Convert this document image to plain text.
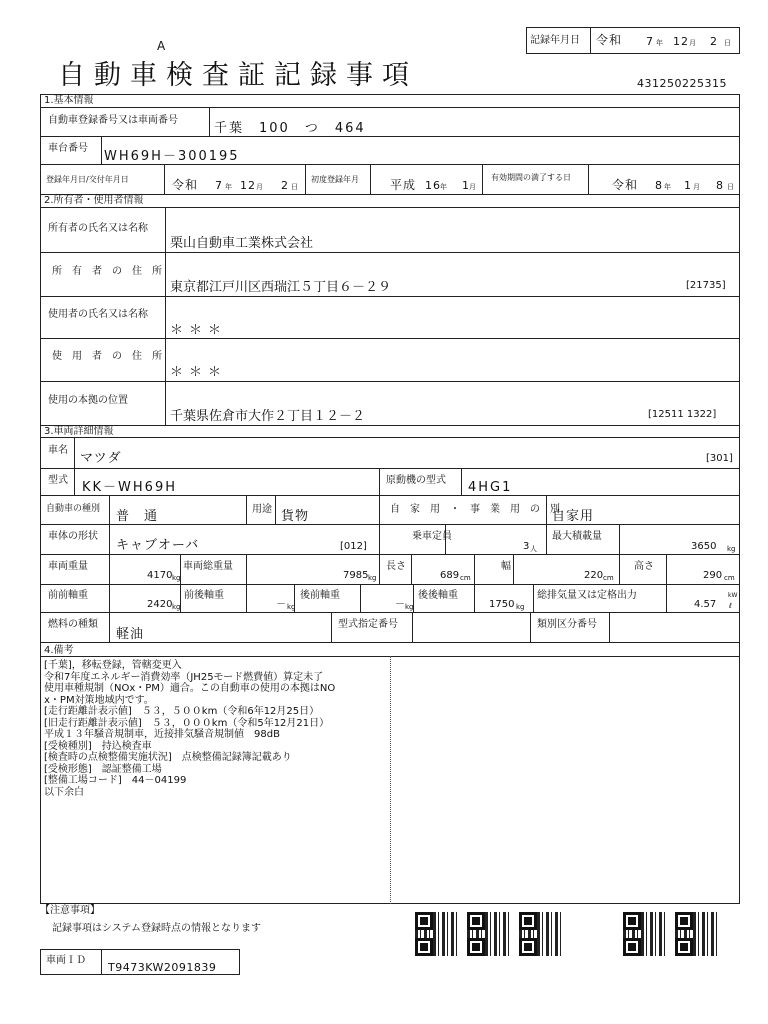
A
自動車検査証記録事項
記録年月日 令和 7 年 12 月 2 日
431250225315
1.基本情報
自動車登録番号又は車両番号
千葉　100　つ　464
車台番号
WH69H－300195
登録年月日/交付年月日	令和 7 年 12 月 2 日
初度登録年月	平成 16 年 1 月
有効期間の満了する日
令和 8 年 1 月 8 日
2.所有者・使用者情報
所有者の氏名又は名称
栗山自動車工業株式会社
所　有　者　の　住　所
東京都江戸川区西瑞江５丁目６－２９	[21735]
使用者の氏名又は名称
＊＊＊
使　用　者　の　住　所
＊＊＊
使用の本拠の位置
千葉県佐倉市大作２丁目１２－２	[12511 1322]
3.車両詳細情報
車名
マツダ	[301]
型式 KK－WH69H	原動機の型式 4HG1
自動車の種別 普　通	用途 貨物	自　家　用　・　事　業　用　の　別
自家用
車体の形状
キャブオーバ	[012]
乗車定員
3 人
最大積載量
3650 kg
車両重量
4170 kg
車両総重量
7985 kg
長さ
689 cm
幅
220 cm
高さ
290 cm
前前軸重
2420 kg
前後軸重
－ kg
後前軸重
－ kg
後後軸重
1750 kg
総排気量又は定格出力
4.57
kW
ℓ
燃料の種類
軽油
型式指定番号	類別区分番号
4.備考
[千葉]，移転登録，管轄変更入
令和7年度エネルギー消費効率（JH25モード燃費値）算定未了
使用車種規制（NOx・PM）適合。この自動車の使用の本拠はNO
x・PM対策地域内です。
[走行距離計表示値]　５３，５００km（令和6年12月25日）
[旧走行距離計表示値]　５３，０００km（令和5年12月21日）
平成１３年騒音規制車，近接排気騒音規制値　98dB
[受検種別]　持込検査車
[検査時の点検整備実施状況]　点検整備記録簿記載あり
[受検形態]　認証整備工場
[整備工場コード]　44－04199
以下余白
【注意事項】
記録事項はシステム登録時点の情報となります
車両ＩＤ
T9473KW2091839
